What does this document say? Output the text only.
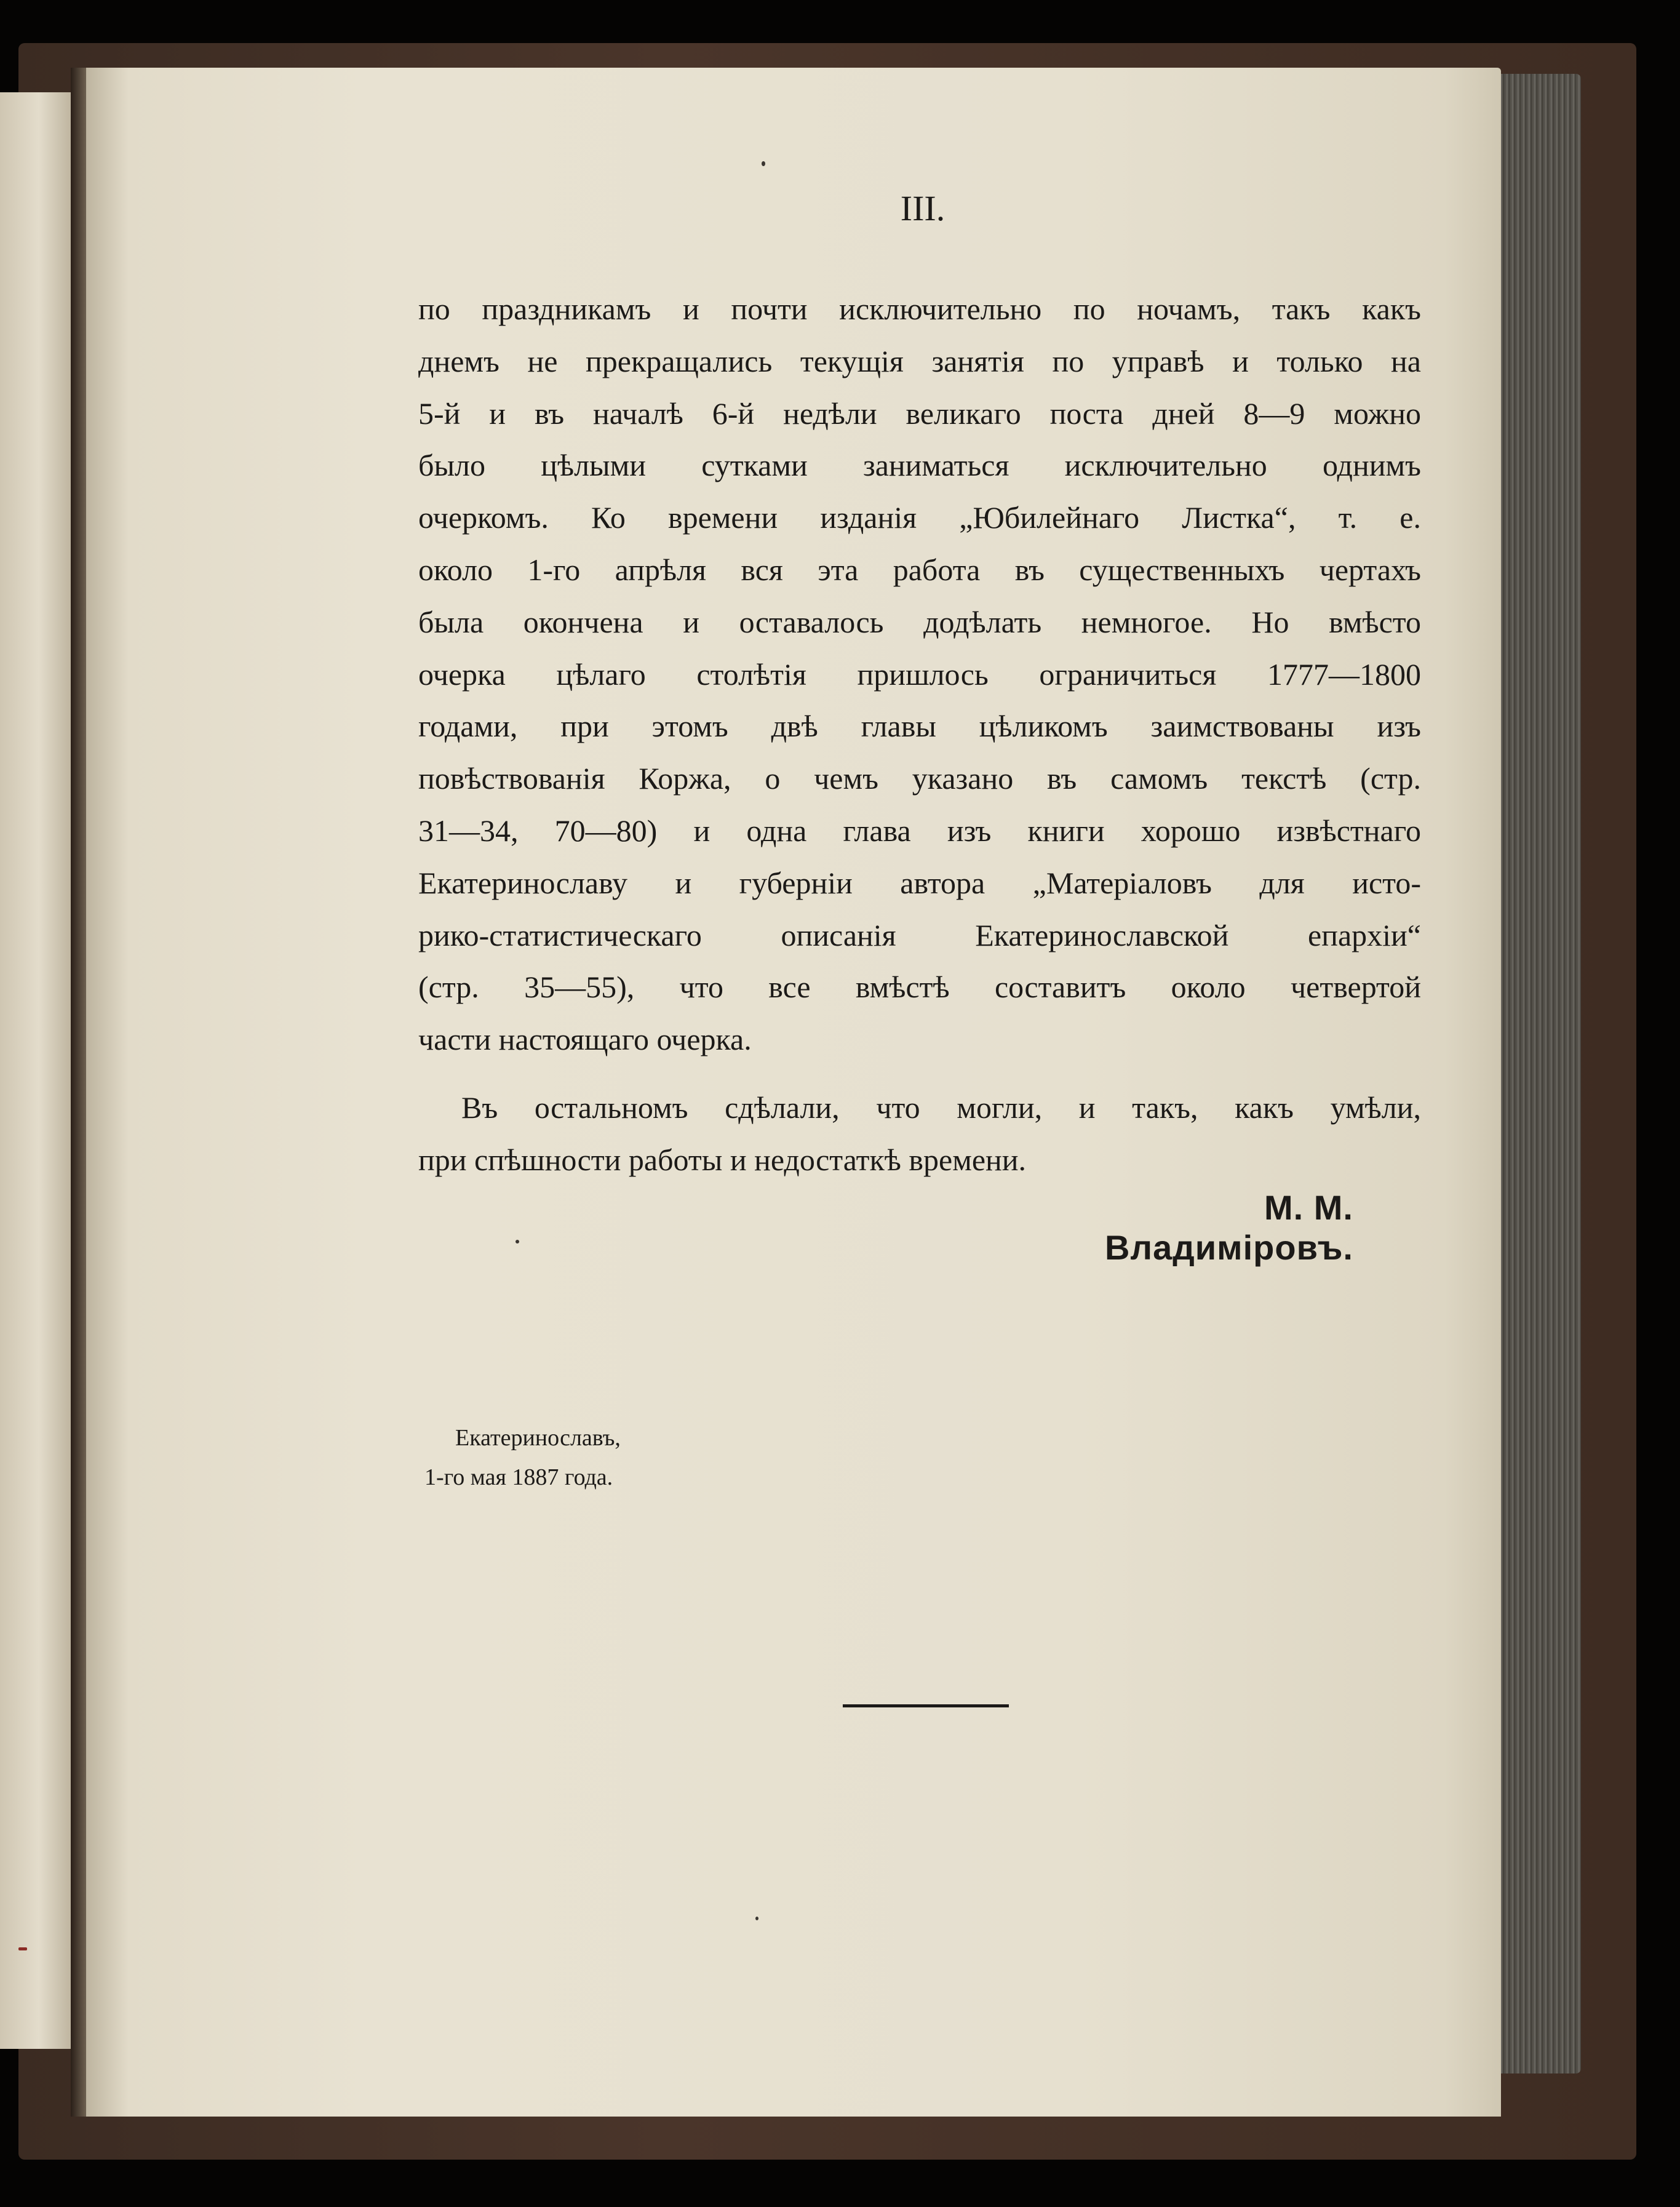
III.
по праздникамъ и почти исключительно по ночамъ, такъ какъ
днемъ не прекращались текущія занятія по управѣ и только на
5-й и въ началѣ 6-й недѣли великаго поста дней 8—9 можно
было цѣлыми сутками заниматься исключительно однимъ
очеркомъ. Ко времени изданія „Юбилейнаго Листка“, т. е.
около 1-го апрѣля вся эта работа въ существенныхъ чертахъ
была окончена и оставалось додѣлать немногое. Но вмѣсто
очерка цѣлаго столѣтія пришлось ограничиться 1777—1800
годами, при этомъ двѣ главы цѣликомъ заимствованы изъ
повѣствованія Коржа, о чемъ указано въ самомъ текстѣ (стр.
31—34, 70—80) и одна глава изъ книги хорошо извѣстнаго
Екатеринославу и губерніи автора „Матеріаловъ для исто-
рико-статистическаго описанія Екатеринославской епархіи“
(стр. 35—55), что все вмѣстѣ составитъ около четвертой
части настоящаго очерка.
Въ остальномъ сдѣлали, что могли, и такъ, какъ умѣли,
при спѣшности работы и недостаткѣ времени.
М. М. Владиміровъ.
Екатеринославъ,
1-го мая 1887 года.
